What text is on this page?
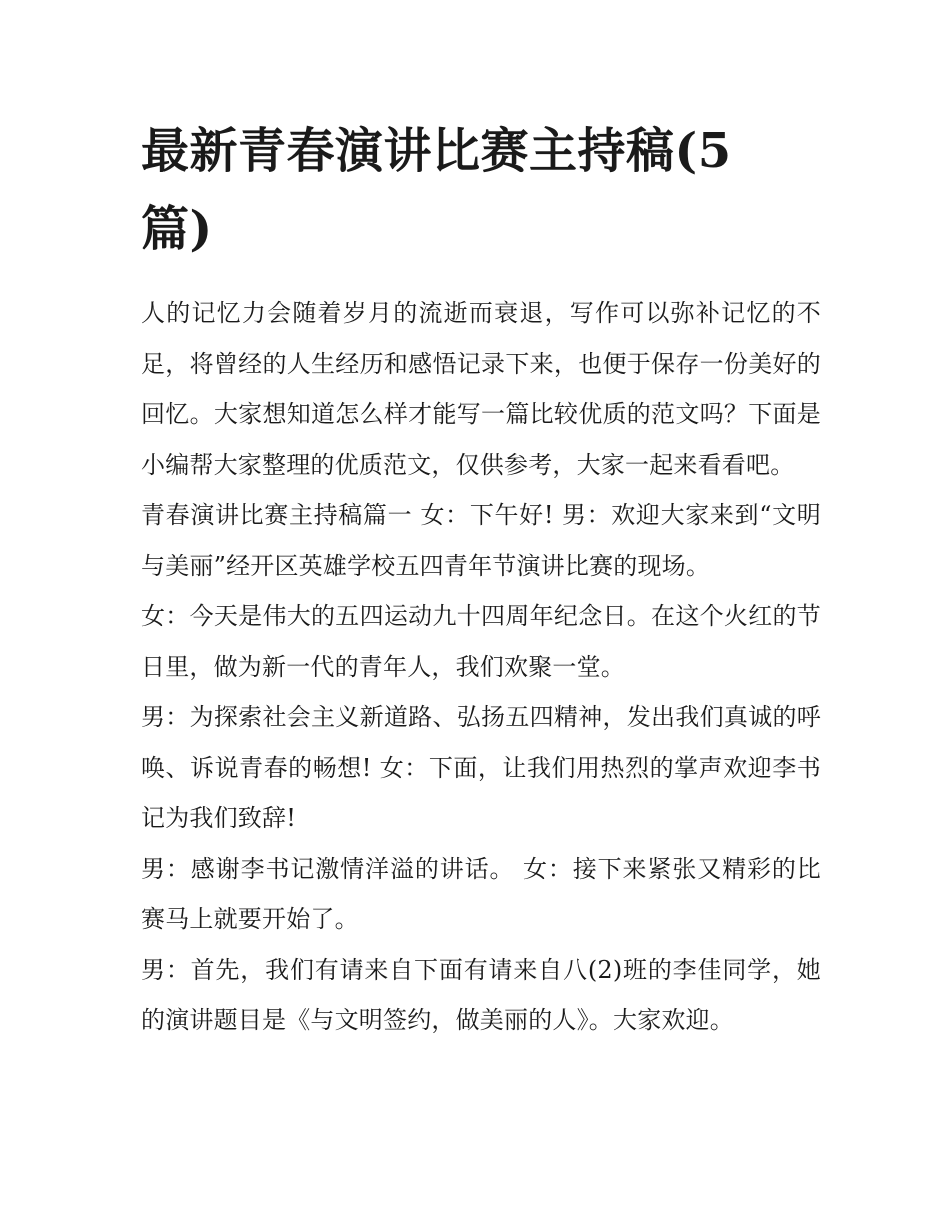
最新青春演讲比赛主持稿(5篇)

人的记忆力会随着岁月的流逝而衰退，写作可以弥补记忆的不足，将曾经的人生经历和感悟记录下来，也便于保存一份美好的回忆。大家想知道怎么样才能写一篇比较优质的范文吗？下面是小编帮大家整理的优质范文，仅供参考，大家一起来看看吧。

青春演讲比赛主持稿篇一 女：下午好! 男：欢迎大家来到“文明与美丽”经开区英雄学校五四青年节演讲比赛的现场。

女：今天是伟大的五四运动九十四周年纪念日。在这个火红的节日里，做为新一代的青年人，我们欢聚一堂。

男：为探索社会主义新道路、弘扬五四精神，发出我们真诚的呼唤、诉说青春的畅想! 女：下面，让我们用热烈的掌声欢迎李书记为我们致辞!

男：感谢李书记激情洋溢的讲话。 女：接下来紧张又精彩的比赛马上就要开始了。

男：首先，我们有请来自下面有请来自八(2)班的李佳同学，她的演讲题目是《与文明签约，做美丽的人》。大家欢迎。
